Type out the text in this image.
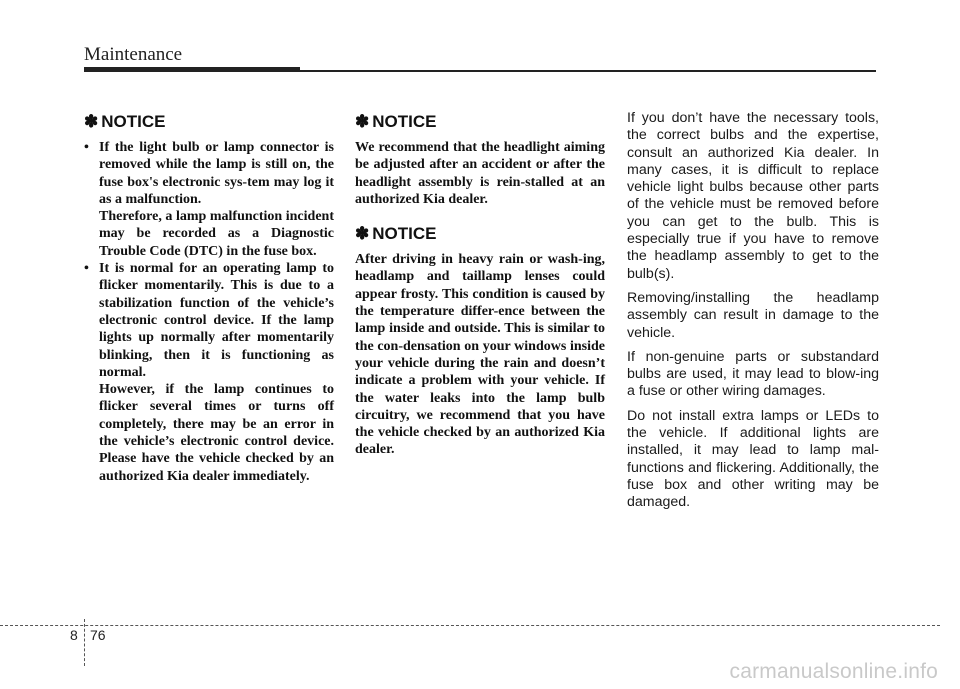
Maintenance
✽ NOTICE

• If the light bulb or lamp connector is removed while the lamp is still on, the fuse box's electronic sys-tem may log it as a malfunction.

Therefore, a lamp malfunction incident may be recorded as a Diagnostic Trouble Code (DTC) in the fuse box.

• It is normal for an operating lamp to flicker momentarily. This is due to a stabilization function of the vehicle’s electronic control device. If the lamp lights up normally after momentarily blinking, then it is functioning as normal.

However, if the lamp continues to flicker several times or turns off completely, there may be an error in the vehicle’s electronic control device. Please have the vehicle checked by an authorized Kia dealer immediately.

✽ NOTICE

We recommend that the headlight aiming be adjusted after an accident or after the headlight assembly is rein-stalled at an authorized Kia dealer.

✽ NOTICE

After driving in heavy rain or wash-ing, headlamp and taillamp lenses could appear frosty. This condition is caused by the temperature differ-ence between the lamp inside and outside. This is similar to the con-densation on your windows inside your vehicle during the rain and doesn’t indicate a problem with your vehicle. If the water leaks into the lamp bulb circuitry, we recommend that you have the vehicle checked by an authorized Kia dealer.

If you don’t have the necessary tools, the correct bulbs and the expertise, consult an authorized Kia dealer. In many cases, it is difficult to replace vehicle light bulbs because other parts of the vehicle must be removed before you can get to the bulb. This is especially true if you have to remove the headlamp assembly to get to the bulb(s).

Removing/installing the headlamp assembly can result in damage to the vehicle.

If non-genuine parts or substandard bulbs are used, it may lead to blow-ing a fuse or other wiring damages.

Do not install extra lamps or LEDs to the vehicle. If additional lights are installed, it may lead to lamp mal-functions and flickering. Additionally, the fuse box and other writing may be damaged.

8 76
carmanualsonline.info
